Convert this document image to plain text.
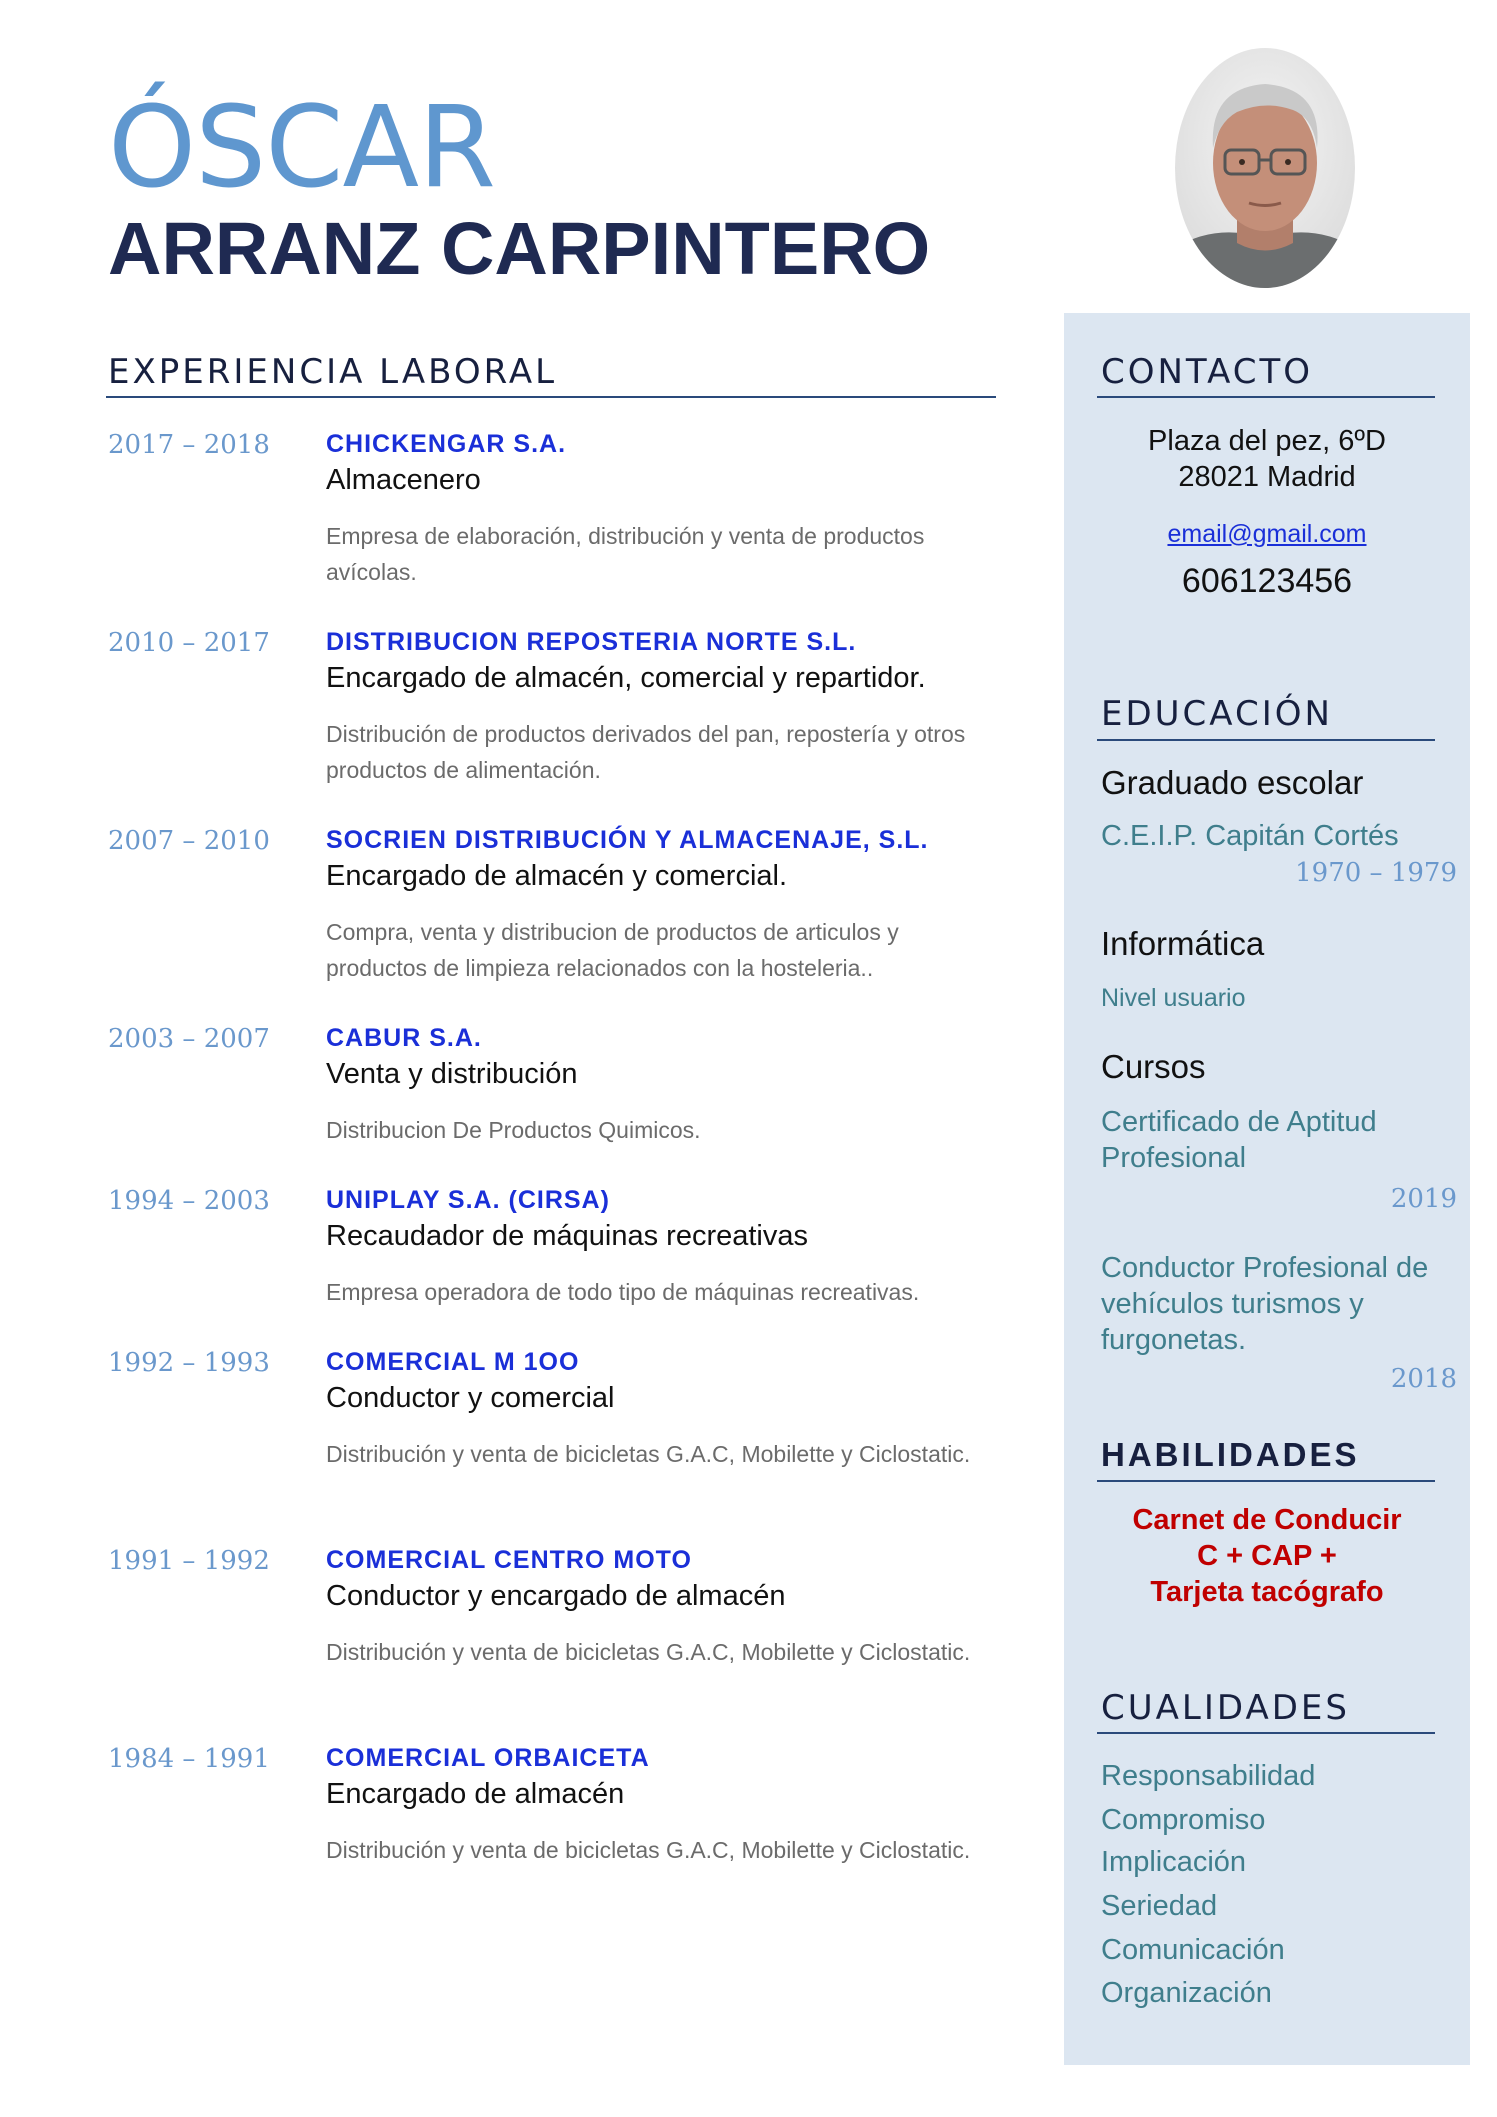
ÓSCAR
ARRANZ CARPINTERO
EXPERIENCIA LABORAL
2017 – 2018 CHICKENGAR S.A.
Almacenero
Empresa de elaboración, distribución y venta de productos avícolas.
2010 – 2017 DISTRIBUCION REPOSTERIA NORTE S.L.
Encargado de almacén, comercial y repartidor.
Distribución de productos derivados del pan, repostería y otros productos de alimentación.
2007 – 2010 SOCRIEN DISTRIBUCIÓN Y ALMACENAJE, S.L.
Encargado de almacén y comercial.
Compra, venta y distribucion de productos de articulos y productos de limpieza relacionados con la hosteleria..
2003 – 2007 CABUR S.A.
Venta y distribución
Distribucion De Productos Quimicos.
1994 – 2003 UNIPLAY S.A. (CIRSA)
Recaudador de máquinas recreativas
Empresa operadora de todo tipo de máquinas recreativas.
1992 – 1993 COMERCIAL M 1OO
Conductor y comercial
Distribución y venta de bicicletas G.A.C, Mobilette y Ciclostatic.
1991 – 1992 COMERCIAL CENTRO MOTO
Conductor y encargado de almacén
Distribución y venta de bicicletas G.A.C, Mobilette y Ciclostatic.
1984 – 1991 COMERCIAL ORBAICETA
Encargado de almacén
Distribución y venta de bicicletas G.A.C, Mobilette y Ciclostatic.
CONTACTO
Plaza del pez, 6ºD
28021 Madrid
email@gmail.com
606123456
EDUCACIÓN
Graduado escolar
C.E.I.P. Capitán Cortés
1970 – 1979
Informática
Nivel usuario
Cursos
Certificado de Aptitud Profesional
2019
Conductor Profesional de vehículos turismos y furgonetas.
2018
HABILIDADES
Carnet de Conducir
C + CAP +
Tarjeta tacógrafo
CUALIDADES
Responsabilidad
Compromiso
Implicación
Seriedad
Comunicación
Organización
